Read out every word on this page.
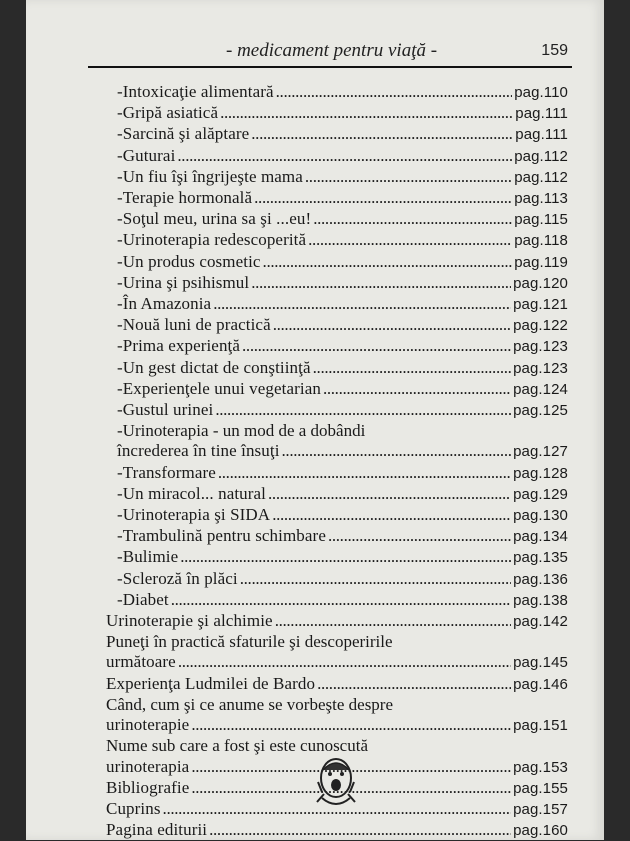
- medicament pentru viaţă -	159
-Intoxicaţie alimentară . . .	pag.110
-Gripă asiatică . . .	pag.111
-Sarcină şi alăptare . . .	pag.111
-Guturai . . .	pag.112
-Un fiu îşi îngrijeşte mama . . .	pag.112
-Terapie hormonală . . .	pag.113
-Soţul meu, urina sa şi ...eu! . . .	pag.115
-Urinoterapia redescoperită . . .	pag.118
-Un produs cosmetic . . .	pag.119
-Urina şi psihismul . . .	pag.120
-În Amazonia . . .	pag.121
-Nouă luni de practică . . .	pag.122
-Prima experienţă . . .	pag.123
-Un gest dictat de conştiinţă . . .	pag.123
-Experienţele unui vegetarian . . .	pag.124
-Gustul urinei . . .	pag.125
-Urinoterapia - un mod de a dobândi
încrederea în tine însuţi . . .	pag.127
-Transformare . . .	pag.128
-Un miracol... natural . . .	pag.129
-Urinoterapia şi SIDA . . .	pag.130
-Trambulină pentru schimbare . . .	pag.134
-Bulimie . . .	pag.135
-Scleroză în plăci . . .	pag.136
-Diabet . . .	pag.138
Urinoterapie şi alchimie . . .	pag.142
Puneţi în practică sfaturile şi descoperirile
următoare . . .	pag.145
Experienţa Ludmilei de Bardo . . .	pag.146
Când, cum şi ce anume se vorbeşte despre
urinoterapie . . .	pag.151
Nume sub care a fost şi este cunoscută
urinoterapia . . .	pag.153
Bibliografie . . .	pag.155
Cuprins . . .	pag.157
Pagina editurii . . .	pag.160
